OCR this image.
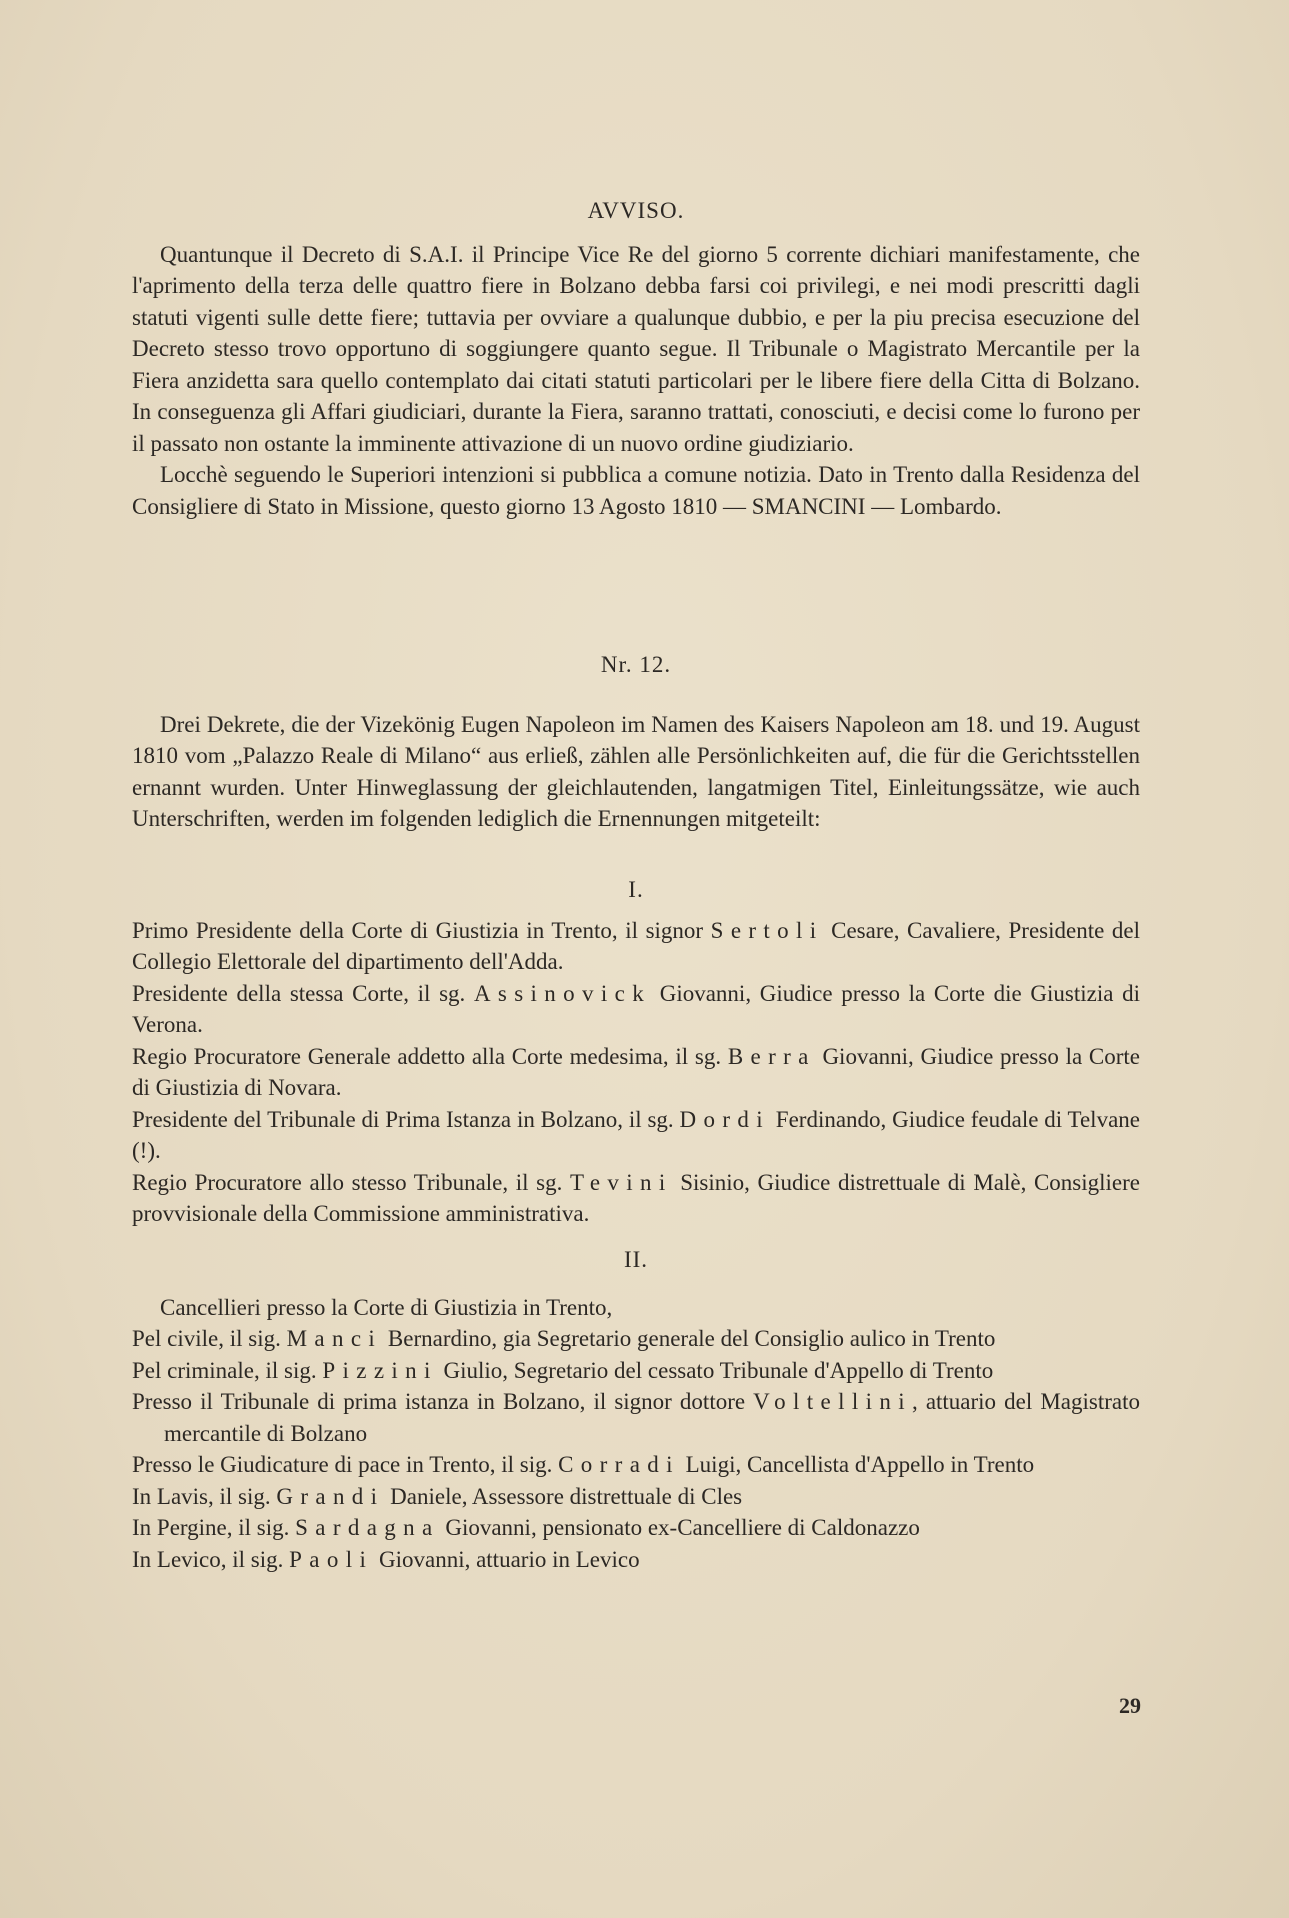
AVVISO.

Quantunque il Decreto di S.A.I. il Principe Vice Re del giorno 5 corrente dichiari manifestamente, che l'aprimento della terza delle quattro fiere in Bolzano debba farsi coi privilegi, e nei modi prescritti dagli statuti vigenti sulle dette fiere; tuttavia per ovviare a qualunque dubbio, e per la piu precisa esecuzione del Decreto stesso trovo opportuno di soggiungere quanto segue. Il Tribunale o Magistrato Mercantile per la Fiera anzidetta sara quello contemplato dai citati statuti particolari per le libere fiere della Citta di Bolzano. In conseguenza gli Affari giudiciari, durante la Fiera, saranno trattati, conosciuti, e decisi come lo furono per il passato non ostante la imminente attivazione di un nuovo ordine giudiziario.

Locchè seguendo le Superiori intenzioni si pubblica a comune notizia. Dato in Trento dalla Residenza del Consigliere di Stato in Missione, questo giorno 13 Agosto 1810 — SMANCINI — Lombardo.

Nr. 12.

Drei Dekrete, die der Vizekönig Eugen Napoleon im Namen des Kaisers Napoleon am 18. und 19. August 1810 vom „Palazzo Reale di Milano“ aus erließ, zählen alle Persönlichkeiten auf, die für die Gerichtsstellen ernannt wurden. Unter Hinweglassung der gleichlautenden, langatmigen Titel, Einleitungssätze, wie auch Unterschriften, werden im folgenden lediglich die Ernennungen mitgeteilt:

I.

Primo Presidente della Corte di Giustizia in Trento, il signor Sertoli Cesare, Cavaliere, Presidente del Collegio Elettorale del dipartimento dell'Adda.

Presidente della stessa Corte, il sg. Assinovick Giovanni, Giudice presso la Corte die Giustizia di Verona.

Regio Procuratore Generale addetto alla Corte medesima, il sg. Berra Giovanni, Giudice presso la Corte di Giustizia di Novara.

Presidente del Tribunale di Prima Istanza in Bolzano, il sg. Dordi Ferdinando, Giudice feudale di Telvane (!).

Regio Procuratore allo stesso Tribunale, il sg. Tevini Sisinio, Giudice distrettuale di Malè, Consigliere provvisionale della Commissione amministrativa.

II.
Cancellieri presso la Corte di Giustizia in Trento,
Pel civile, il sig. Manci Bernardino, gia Segretario generale del Consiglio aulico in Trento
Pel criminale, il sig. Pizzini Giulio, Segretario del cessato Tribunale d'Appello di Trento
Presso il Tribunale di prima istanza in Bolzano, il signor dottore Voltellini, attuario del Magistrato mercantile di Bolzano
Presso le Giudicature di pace in Trento, il sig. Corradi Luigi, Cancellista d'Appello in Trento
In Lavis, il sig. Grandi Daniele, Assessore distrettuale di Cles
In Pergine, il sig. Sardagna Giovanni, pensionato ex-Cancelliere di Caldonazzo
In Levico, il sig. Paoli Giovanni, attuario in Levico
29
